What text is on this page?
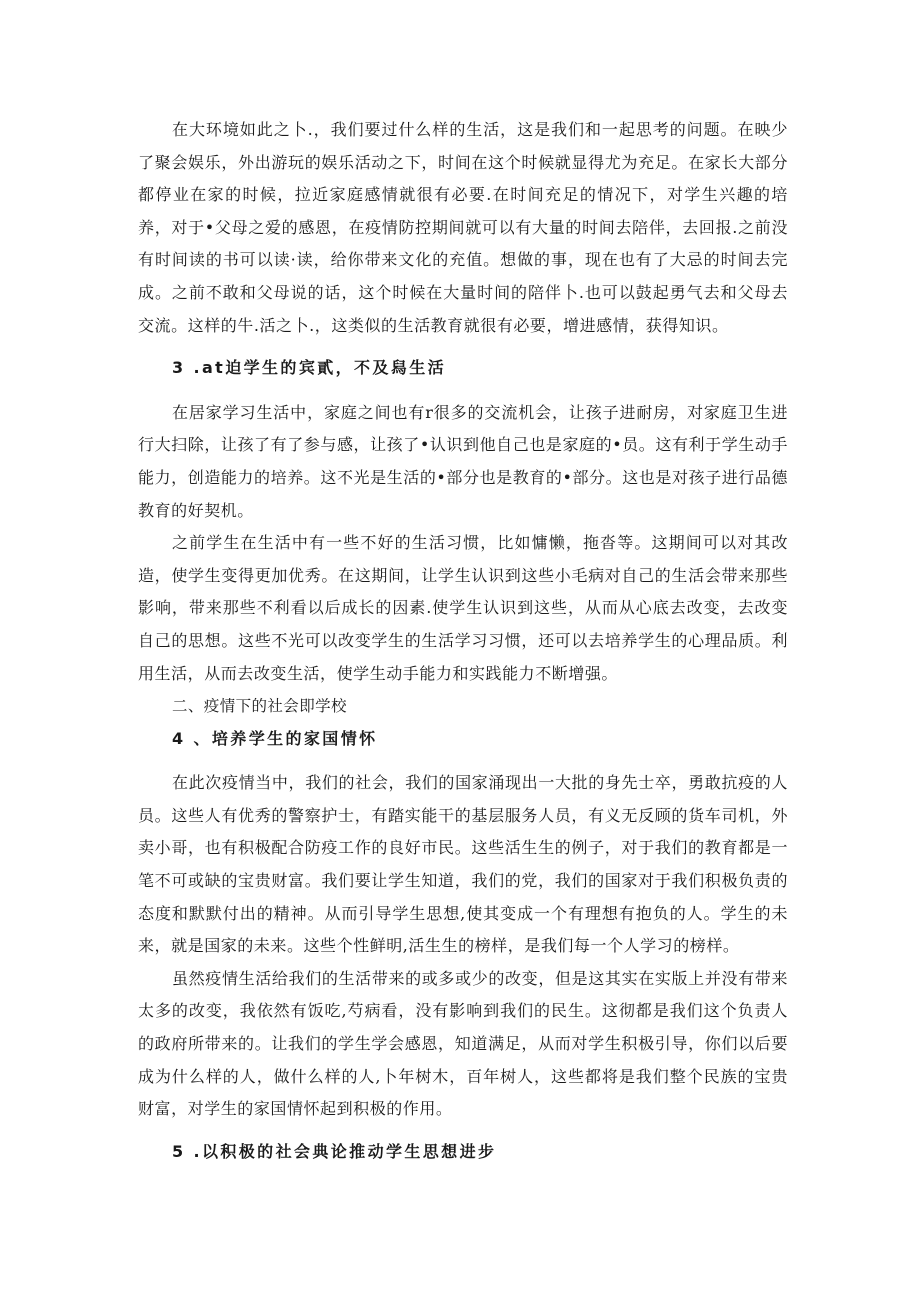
在大环境如此之卜.，我们要过什么样的生活，这是我们和一起思考的问题。在映少了聚会娱乐，外出游玩的娱乐活动之下，时间在这个时候就显得尤为充足。在家长大部分都停业在家的时候，拉近家庭感情就很有必要.在时间充足的情况下，对学生兴趣的培养，对于•父母之爱的感恩，在疫情防控期间就可以有大量的时间去陪伴，去回报.之前没有时间读的书可以读·读，给你带来文化的充值。想做的事，现在也有了大忌的时间去完成。之前不敢和父母说的话，这个时候在大量时间的陪伴卜.也可以鼓起勇气去和父母去交流。这样的牛.活之卜.，这类似的生活教育就很有必要，增进感情，获得知识。

3 .at迫学生的宾貳，不及舄生活

在居家学习生活中，家庭之间也有r很多的交流机会，让孩子进耐房，对家庭卫生进行大扫除，让孩了有了参与感，让孩了•认识到他自己也是家庭的•员。这有利于学生动手能力，创造能力的培养。这不光是生活的•部分也是教育的•部分。这也是对孩子进行品德教育的好契机。

之前学生在生活中有一些不好的生活习惯，比如慵懒，拖沓等。这期间可以对其改造，使学生变得更加优秀。在这期间，让学生认识到这些小毛病对自己的生活会带来那些影响，带来那些不利看以后成长的因素.使学生认识到这些，从而从心底去改变，去改变自己的思想。这些不光可以改变学生的生活学习习惯，还可以去培养学生的心理品质。利用生活，从而去改变生活，使学生动手能力和实践能力不断增强。

二、疫情下的社会即学校

4 、培养学生的家国情怀

在此次疫情当中，我们的社会，我们的国家涌现出一大批的身先士卒，勇敢抗疫的人员。这些人有优秀的警察护士，有踏实能干的基层服务人员，有义无反顾的货车司机，外卖小哥，也有积极配合防疫工作的良好市民。这些活生生的例子，对于我们的教育都是一笔不可或缺的宝贵财富。我们要让学生知道，我们的党，我们的国家对于我们积极负责的态度和默默付出的精神。从而引导学生思想,使其变成一个有理想有抱负的人。学生的未来，就是国家的未来。这些个性鲜明,活生生的榜样，是我们每一个人学习的榜样。

虽然疫情生活给我们的生活带来的或多或少的改变，但是这其实在实版上并没有带来太多的改变，我依然有饭吃,芍病看，没有影响到我们的民生。这彻都是我们这个负责人的政府所带来的。让我们的学生学会感恩，知道满足，从而对学生积极引导，你们以后要成为什么样的人，做什么样的人,卜年树木，百年树人，这些都将是我们整个民族的宝贵财富，对学生的家国情怀起到积极的作用。

5 .以积极的社会典论推动学生思想进步
